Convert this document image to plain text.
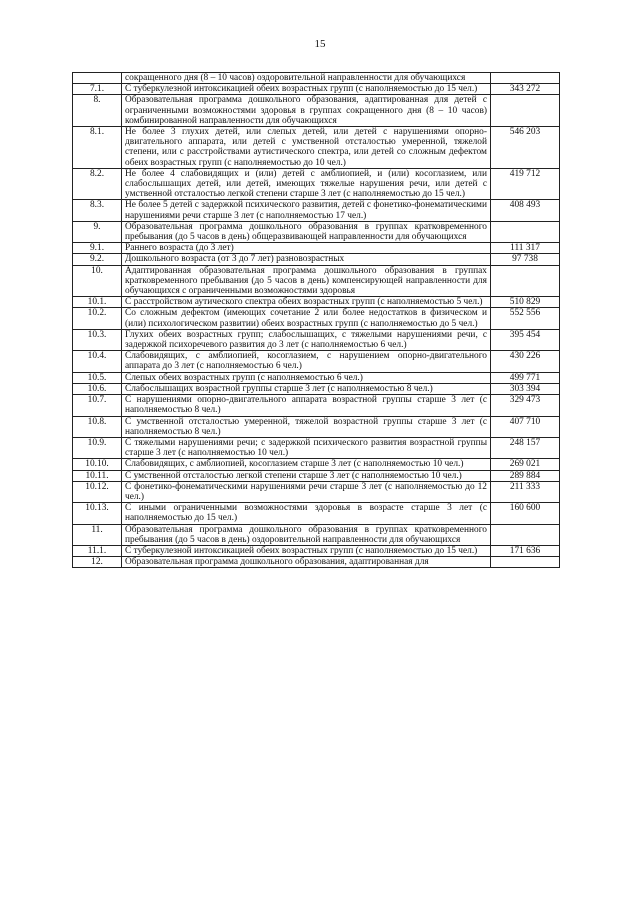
15
	сокращенного дня (8 – 10 часов) оздоровительной направленности для обучающихся	
7.1.	С туберкулезной интоксикацией обеих возрастных групп (с наполняемостью до 15 чел.)	343 272
8.	Образовательная программа дошкольного образования, адаптированная для детей с ограниченными возможностями здоровья в группах сокращенного дня (8 – 10 часов) комбинированной направленности для обучающихся	
8.1.	Не более 3 глухих детей, или слепых детей, или детей с нарушениями опорно-двигательного аппарата, или детей с умственной отсталостью умеренной, тяжелой степени, или с расстройствами аутистического спектра, или детей со сложным дефектом обеих возрастных групп (с наполняемостью до 10 чел.)	546 203
8.2.	Не более 4 слабовидящих и (или) детей с амблиопией, и (или) косоглазием, или слабослышащих детей, или детей, имеющих тяжелые нарушения речи, или детей с умственной отсталостью легкой степени старше 3 лет (с наполняемостью до 15 чел.)	419 712
8.3.	Не более 5 детей с задержкой психического развития, детей с фонетико-фонематическими нарушениями речи старше 3 лет (с наполняемостью 17 чел.)	408 493
9.	Образовательная программа дошкольного образования в группах кратковременного пребывания (до 5 часов в день) общеразвивающей направленности для обучающихся	
9.1.	Раннего возраста (до 3 лет)	111 317
9.2.	Дошкольного возраста (от 3 до 7 лет) разновозрастных	97 738
10.	Адаптированная образовательная программа дошкольного образования в группах кратковременного пребывания (до 5 часов в день) компенсирующей направленности для обучающихся с ограниченными возможностями здоровья	
10.1.	С расстройством аутического спектра обеих возрастных групп (с наполняемостью 5 чел.)	510 829
10.2.	Со сложным дефектом (имеющих сочетание 2 или более недостатков в физическом и (или) психологическом развитии) обеих возрастных групп (с наполняемостью до 5 чел.)	552 556
10.3.	Глухих обеих возрастных групп; слабослышащих, с тяжелыми нарушениями речи, с задержкой психоречевого развития до 3 лет (с наполняемостью 6 чел.)	395 454
10.4.	Слабовидящих, с амблиопией, косоглазием, с нарушением опорно-двигательного аппарата до 3 лет (с наполняемостью 6 чел.)	430 226
10.5.	Слепых обеих возрастных групп (с наполняемостью 6 чел.)	499 771
10.6.	Слабослышащих возрастной группы старше 3 лет (с наполняемостью 8 чел.)	303 394
10.7.	С нарушениями опорно-двигательного аппарата возрастной группы старше 3 лет (с наполняемостью 8 чел.)	329 473
10.8.	С умственной отсталостью умеренной, тяжелой возрастной группы старше 3 лет (с наполняемостью 8 чел.)	407 710
10.9.	С тяжелыми нарушениями речи; с задержкой психического развития возрастной группы старше 3 лет (с наполняемостью 10 чел.)	248 157
10.10.	Слабовидящих, с амблиопией, косоглазием старше 3 лет (с наполняемостью 10 чел.)	269 021
10.11.	С умственной отсталостью легкой степени старше 3 лет (с наполняемостью 10 чел.)	289 884
10.12.	С фонетико-фонематическими нарушениями речи старше 3 лет (с наполняемостью до 12 чел.)	211 333
10.13.	С иными ограниченными возможностями здоровья в возрасте старше 3 лет (с наполняемостью до 15 чел.)	160 600
11.	Образовательная программа дошкольного образования в группах кратковременного пребывания (до 5 часов в день) оздоровительной направленности для обучающихся	
11.1.	С туберкулезной интоксикацией обеих возрастных групп (с наполняемостью до 15 чел.)	171 636
12.	Образовательная программа дошкольного образования, адаптированная для	
